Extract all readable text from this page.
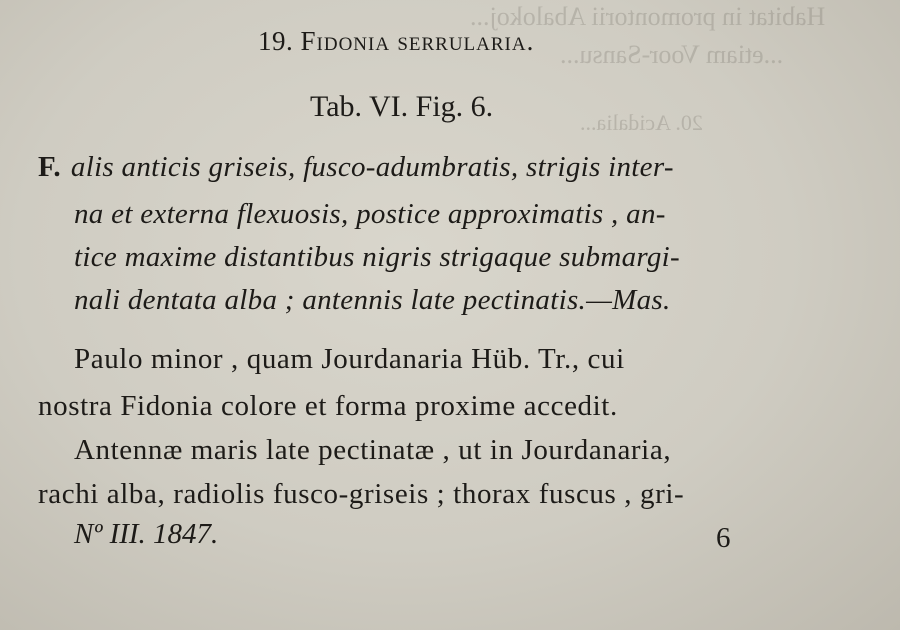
Habitat in promontorii Abalokoj...
...etiam Voor-Sansu...
20. Acidalia...
19. Fidonia serrularia.
Tab. VI. Fig. 6.
F. alis anticis griseis, fusco-adumbratis, strigis inter-
na et externa flexuosis, postice approximatis , an-
tice maxime distantibus nigris strigaque submargi-
nali dentata alba ; antennis late pectinatis.—Mas.
Paulo minor , quam Jourdanaria Hüb. Tr., cui
nostra Fidonia colore et forma proxime accedit.
Antennæ maris late pectinatæ , ut in Jourdanaria,
rachi alba, radiolis fusco-griseis ; thorax fuscus , gri-
Nº III. 1847.	6
